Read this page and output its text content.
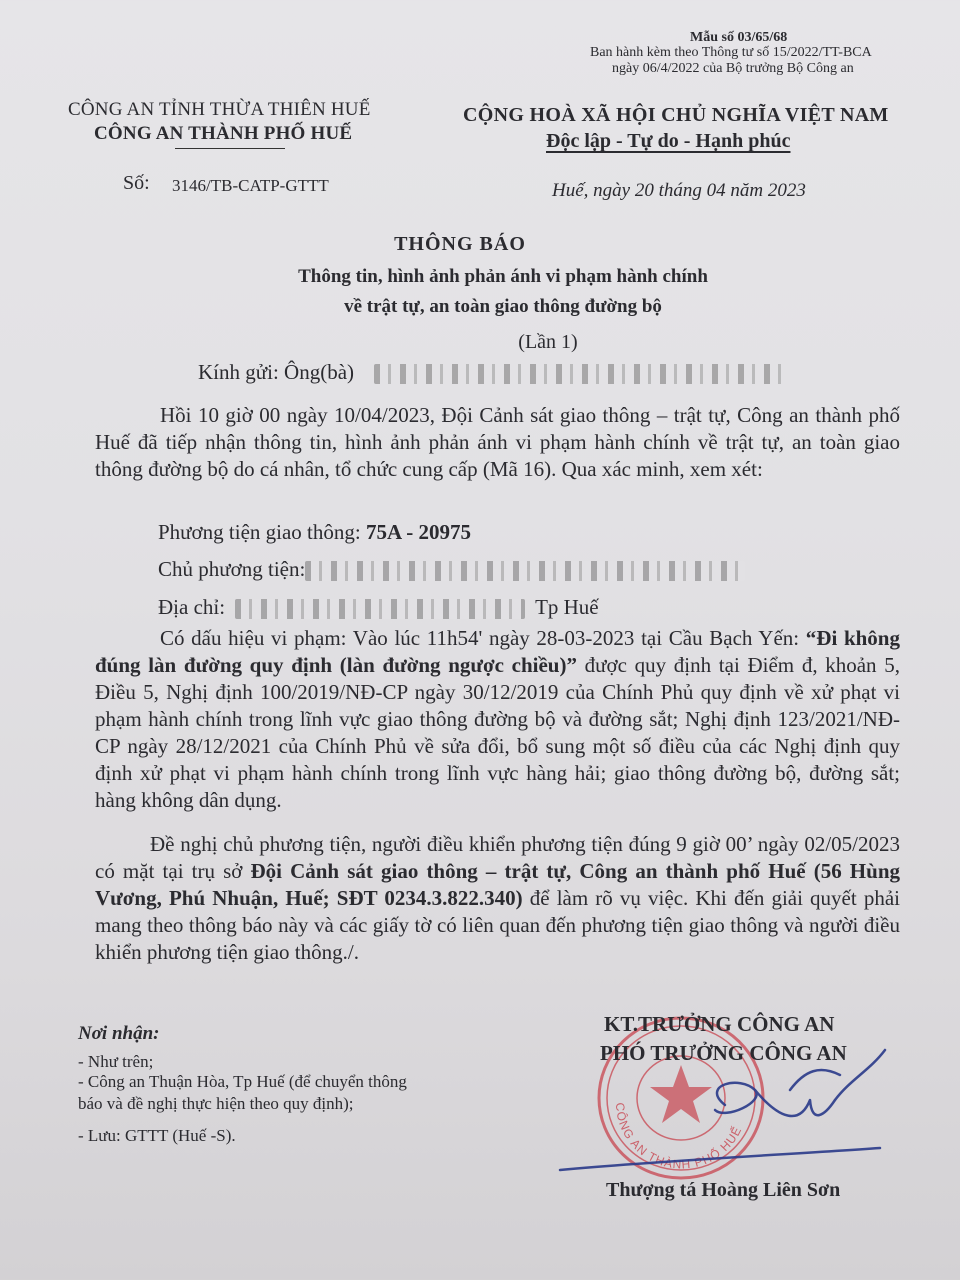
Mẫu số 03/65/68
Ban hành kèm theo Thông tư số 15/2022/TT-BCA
ngày 06/4/2022 của Bộ trưởng Bộ Công an
CÔNG AN TỈNH THỪA THIÊN HUẾ
CÔNG AN THÀNH PHỐ HUẾ
Số: 3146/TB-CATP-GTTT
CỘNG HOÀ XÃ HỘI CHỦ NGHĨA VIỆT NAM
Độc lập - Tự do - Hạnh phúc
Huế, ngày 20 tháng 04 năm 2023
THÔNG BÁO
Thông tin, hình ảnh phản ánh vi phạm hành chính
về trật tự, an toàn giao thông đường bộ
(Lần 1)
Kính gửi: Ông(bà)
Hồi 10 giờ 00 ngày 10/04/2023, Đội Cảnh sát giao thông – trật tự, Công an thành phố Huế đã tiếp nhận thông tin, hình ảnh phản ánh vi phạm hành chính về trật tự, an toàn giao thông đường bộ do cá nhân, tổ chức cung cấp (Mã 16). Qua xác minh, xem xét:
Phương tiện giao thông: 75A - 20975
Chủ phương tiện:
Địa chỉ:	Tp Huế
Có dấu hiệu vi phạm: Vào lúc 11h54' ngày 28-03-2023 tại Cầu Bạch Yến: “Đi không đúng làn đường quy định (làn đường ngược chiều)” được quy định tại Điểm đ, khoản 5, Điều 5, Nghị định 100/2019/NĐ-CP ngày 30/12/2019 của Chính Phủ quy định về xử phạt vi phạm hành chính trong lĩnh vực giao thông đường bộ và đường sắt; Nghị định 123/2021/NĐ-CP ngày 28/12/2021 của Chính Phủ về sửa đổi, bổ sung một số điều của các Nghị định quy định xử phạt vi phạm hành chính trong lĩnh vực hàng hải; giao thông đường bộ, đường sắt; hàng không dân dụng.
Đề nghị chủ phương tiện, người điều khiển phương tiện đúng 9 giờ 00’ ngày 02/05/2023 có mặt tại trụ sở Đội Cảnh sát giao thông – trật tự, Công an thành phố Huế (56 Hùng Vương, Phú Nhuận, Huế; SĐT 0234.3.822.340) để làm rõ vụ việc. Khi đến giải quyết phải mang theo thông báo này và các giấy tờ có liên quan đến phương tiện giao thông và người điều khiển phương tiện giao thông./.
Nơi nhận:
- Như trên;
- Công an Thuận Hòa, Tp Huế (để chuyển thông
báo và đề nghị thực hiện theo quy định);
- Lưu: GTTT (Huế -S).
CÔNG AN THÀNH PHỐ HUẾ
KT.TRƯỞNG CÔNG AN
PHÓ TRƯỞNG CÔNG AN
Thượng tá Hoàng Liên Sơn
